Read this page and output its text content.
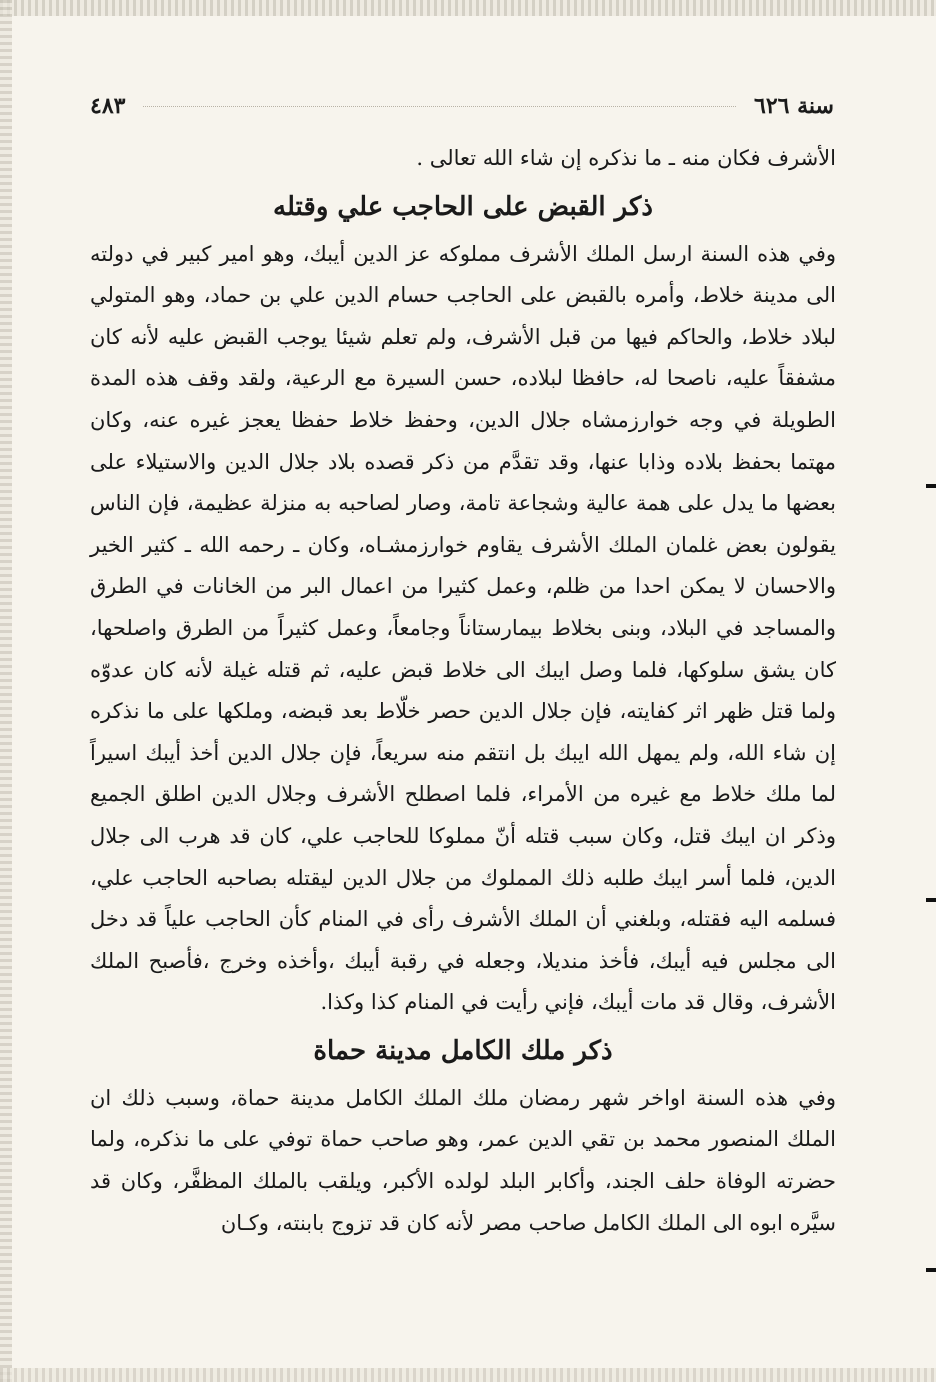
سنة ٦٢٦
٤٨٣

الأشرف فكان منه ـ ما نذكره إن شاء الله تعالى .

ذكر القبض على الحاجب علي وقتله

وفي هذه السنة ارسل الملك الأشرف مملوكه عز الدين أيبك، وهو امير كبير في دولته الى مدينة خلاط، وأمره بالقبض على الحاجب حسام الدين علي بن حماد، وهو المتولي لبلاد خلاط، والحاكم فيها من قبل الأشرف، ولم تعلم شيئا يوجب القبض عليه لأنه كان مشفقاً عليه، ناصحا له، حافظا لبلاده، حسن السيرة مع الرعية، ولقد وقف هذه المدة الطويلة في وجه خوارزمشاه جلال الدين، وحفظ خلاط حفظا يعجز غيره عنه، وكان مهتما بحفظ بلاده وذابا عنها، وقد تقدَّم من ذكر قصده بلاد جلال الدين والاستيلاء على بعضها ما يدل على همة عالية وشجاعة تامة، وصار لصاحبه به منزلة عظيمة، فإن الناس يقولون بعض غلمان الملك الأشرف يقاوم خوارزمشـاه، وكان ـ رحمه الله ـ كثير الخير والاحسان لا يمكن احدا من ظلم، وعمل كثيرا من اعمال البر من الخانات في الطرق والمساجد في البلاد، وبنى بخلاط بيمارستاناً وجامعاً، وعمل كثيراً من الطرق واصلحها، كان يشق سلوكها، فلما وصل ايبك الى خلاط قبض عليه، ثم قتله غيلة لأنه كان عدوّه ولما قتل ظهر اثر كفايته، فإن جلال الدين حصر خلّاط بعد قبضه، وملكها على ما نذكره إن شاء الله، ولم يمهل الله ايبك بل انتقم منه سريعاً، فإن جلال الدين أخذ أيبك اسيراً لما ملك خلاط مع غيره من الأمراء، فلما اصطلح الأشرف وجلال الدين اطلق الجميع وذكر ان ايبك قتل، وكان سبب قتله أنّ مملوكا للحاجب علي، كان قد هرب الى جلال الدين، فلما أسر ايبك طلبه ذلك المملوك من جلال الدين ليقتله بصاحبه الحاجب علي، فسلمه اليه فقتله، وبلغني أن الملك الأشرف رأى في المنام كأن الحاجب علياً قد دخل الى مجلس فيه أيبك، فأخذ منديلا، وجعله في رقبة أيبك ،وأخذه وخرج ،فأصبح الملك الأشرف، وقال قد مات أيبك، فإني رأيت في المنام كذا وكذا.

ذكر ملك الكامل مدينة حماة

وفي هذه السنة اواخر شهر رمضان ملك الملك الكامل مدينة حماة، وسبب ذلك ان الملك المنصور محمد بن تقي الدين عمر، وهو صاحب حماة توفي على ما نذكره، ولما حضرته الوفاة حلف الجند، وأكابر البلد لولده الأكبر، ويلقب بالملك المظفَّر، وكان قد سيَّره ابوه الى الملك الكامل صاحب مصر لأنه كان قد تزوج بابنته، وكـان
